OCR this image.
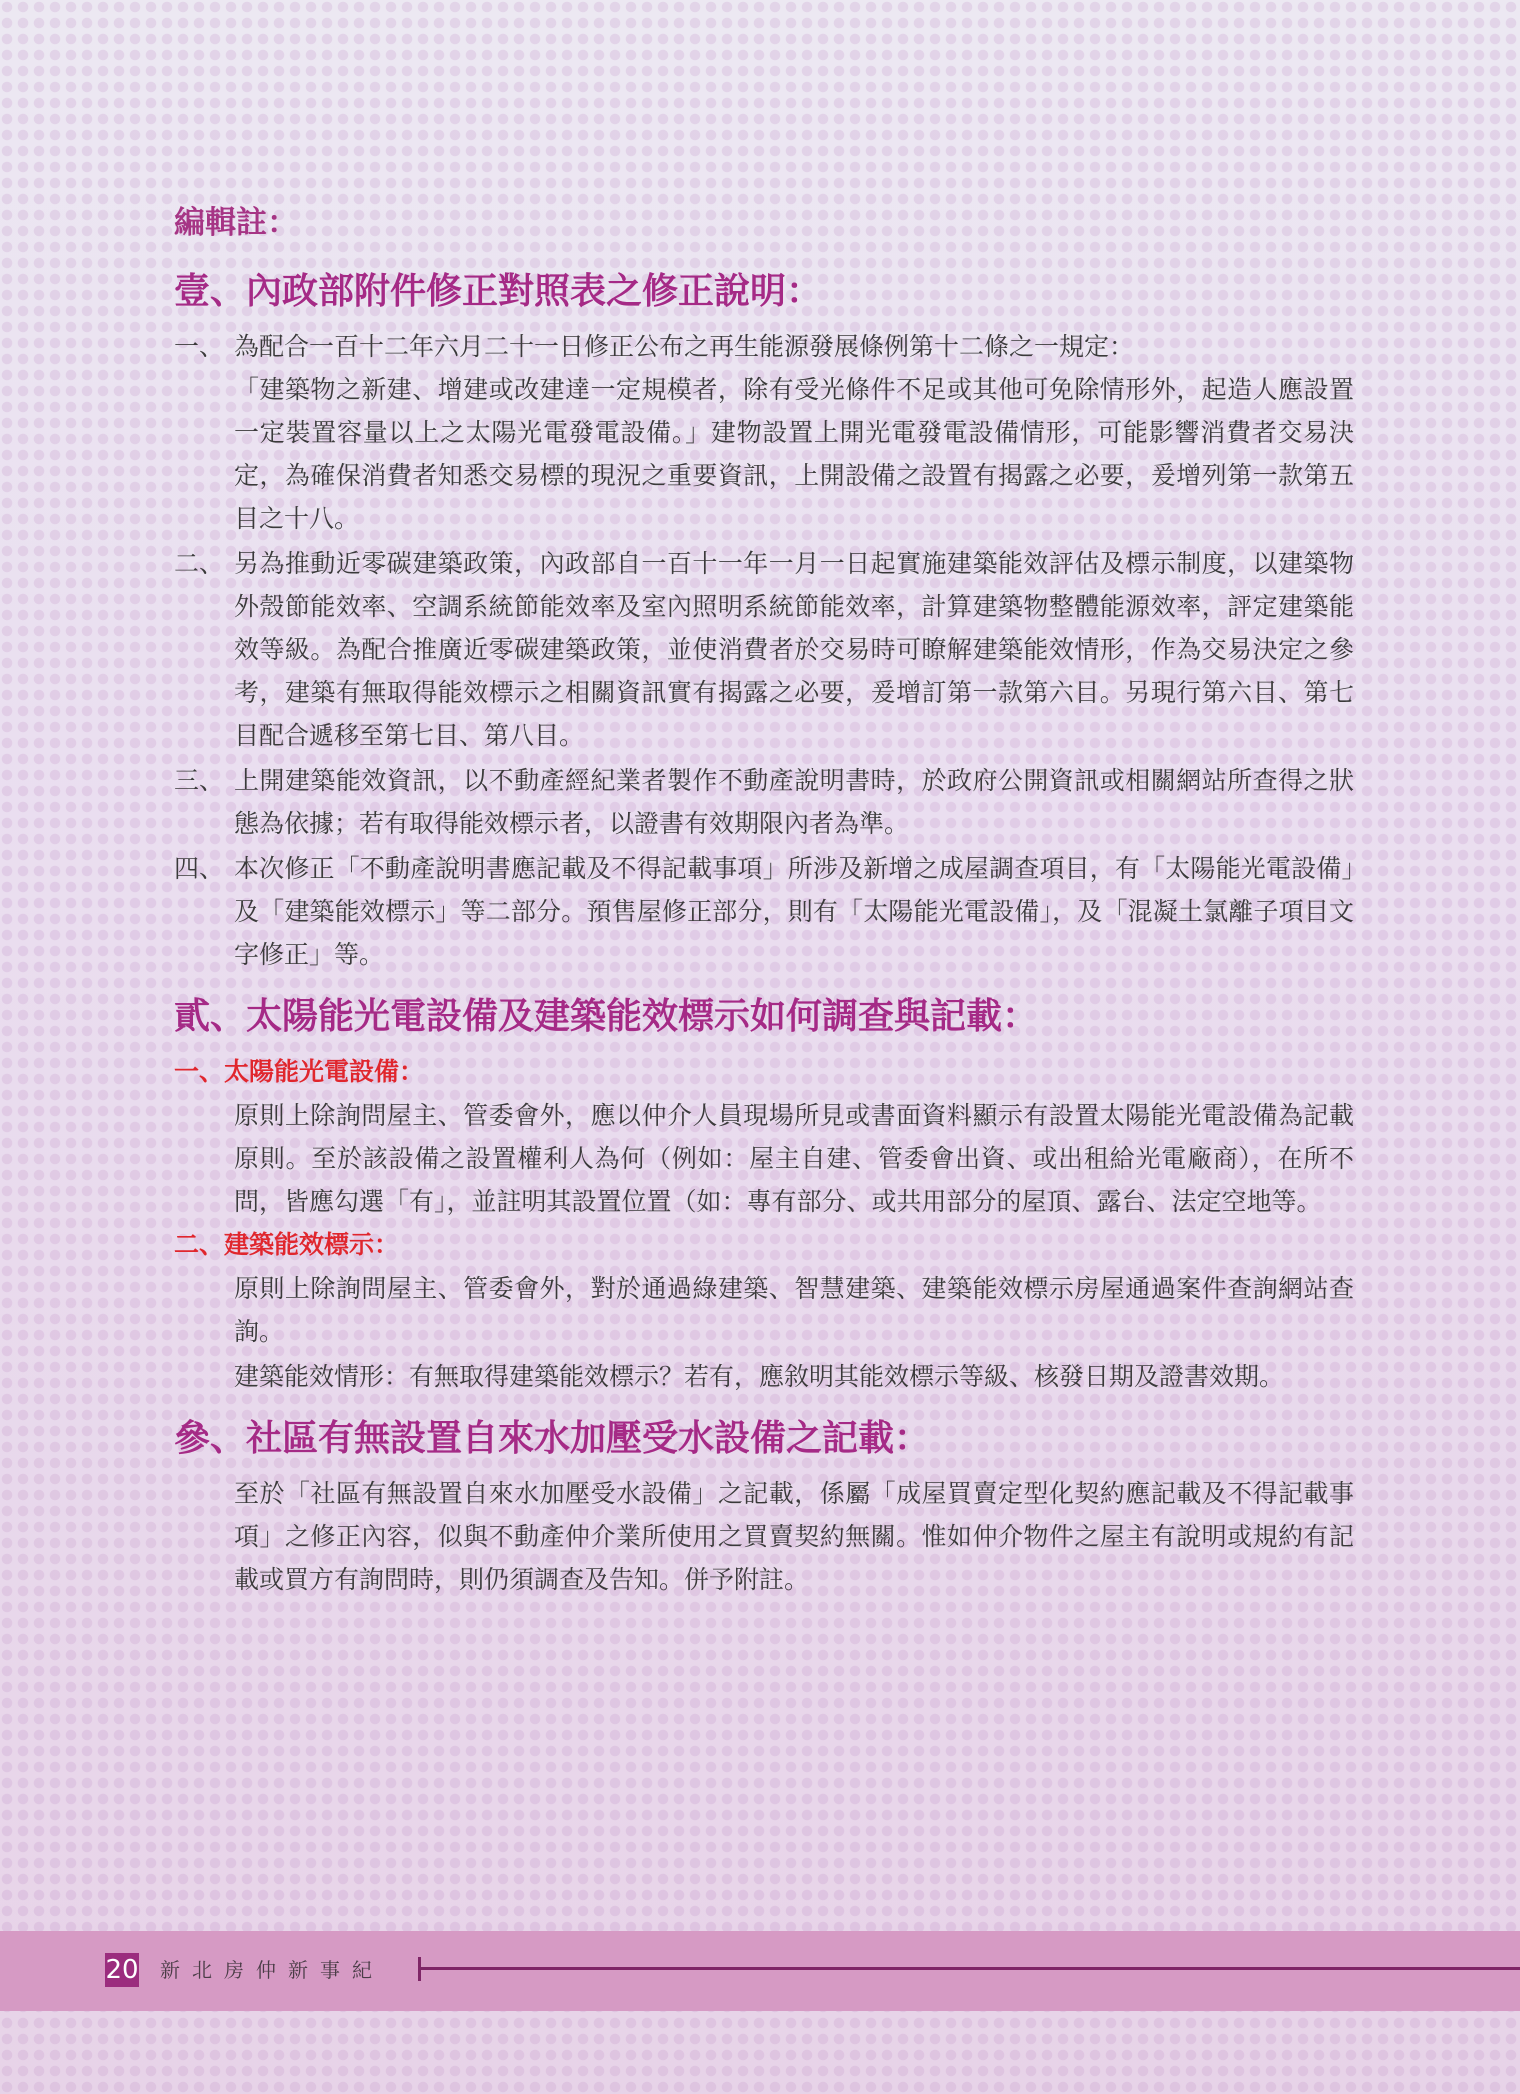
編輯註：
壹、內政部附件修正對照表之修正說明：
一、 為配合一百十二年六月二十一日修正公布之再生能源發展條例第十二條之一規定：

「建築物之新建、增建或改建達一定規模者，除有受光條件不足或其他可免除情形外，起造人應設置一定裝置容量以上之太陽光電發電設備。」建物設置上開光電發電設備情形，可能影響消費者交易決定，為確保消費者知悉交易標的現況之重要資訊，上開設備之設置有揭露之必要，爰增列第一款第五目之十八。

二、 另為推動近零碳建築政策，內政部自一百十一年一月一日起實施建築能效評估及標示制度，以建築物外殼節能效率、空調系統節能效率及室內照明系統節能效率，計算建築物整體能源效率，評定建築能效等級。為配合推廣近零碳建築政策，並使消費者於交易時可瞭解建築能效情形，作為交易決定之參考，建築有無取得能效標示之相關資訊實有揭露之必要，爰增訂第一款第六目。另現行第六目、第七目配合遞移至第七目、第八目。

三、 上開建築能效資訊，以不動產經紀業者製作不動產說明書時，於政府公開資訊或相關網站所查得之狀態為依據；若有取得能效標示者，以證書有效期限內者為準。

四、 本次修正「不動產說明書應記載及不得記載事項」所涉及新增之成屋調查項目，有「太陽能光電設備」及「建築能效標示」等二部分。預售屋修正部分，則有「太陽能光電設備」，及「混凝土氯離子項目文字修正」等。

貳、太陽能光電設備及建築能效標示如何調查與記載：
一、太陽能光電設備：

原則上除詢問屋主、管委會外，應以仲介人員現場所見或書面資料顯示有設置太陽能光電設備為記載原則。至於該設備之設置權利人為何（例如：屋主自建、管委會出資、或出租給光電廠商），在所不問，皆應勾選「有」，並註明其設置位置（如：專有部分、或共用部分的屋頂、露台、法定空地等。

二、建築能效標示：

原則上除詢問屋主、管委會外，對於通過綠建築、智慧建築、建築能效標示房屋通過案件查詢網站查詢。

建築能效情形：有無取得建築能效標示？若有，應敘明其能效標示等級、核發日期及證書效期。

參、社區有無設置自來水加壓受水設備之記載：

至於「社區有無設置自來水加壓受水設備」之記載，係屬「成屋買賣定型化契約應記載及不得記載事項」之修正內容，似與不動產仲介業所使用之買賣契約無關。惟如仲介物件之屋主有說明或規約有記載或買方有詢問時，則仍須調查及告知。併予附註。

20 新北房仲新事紀
